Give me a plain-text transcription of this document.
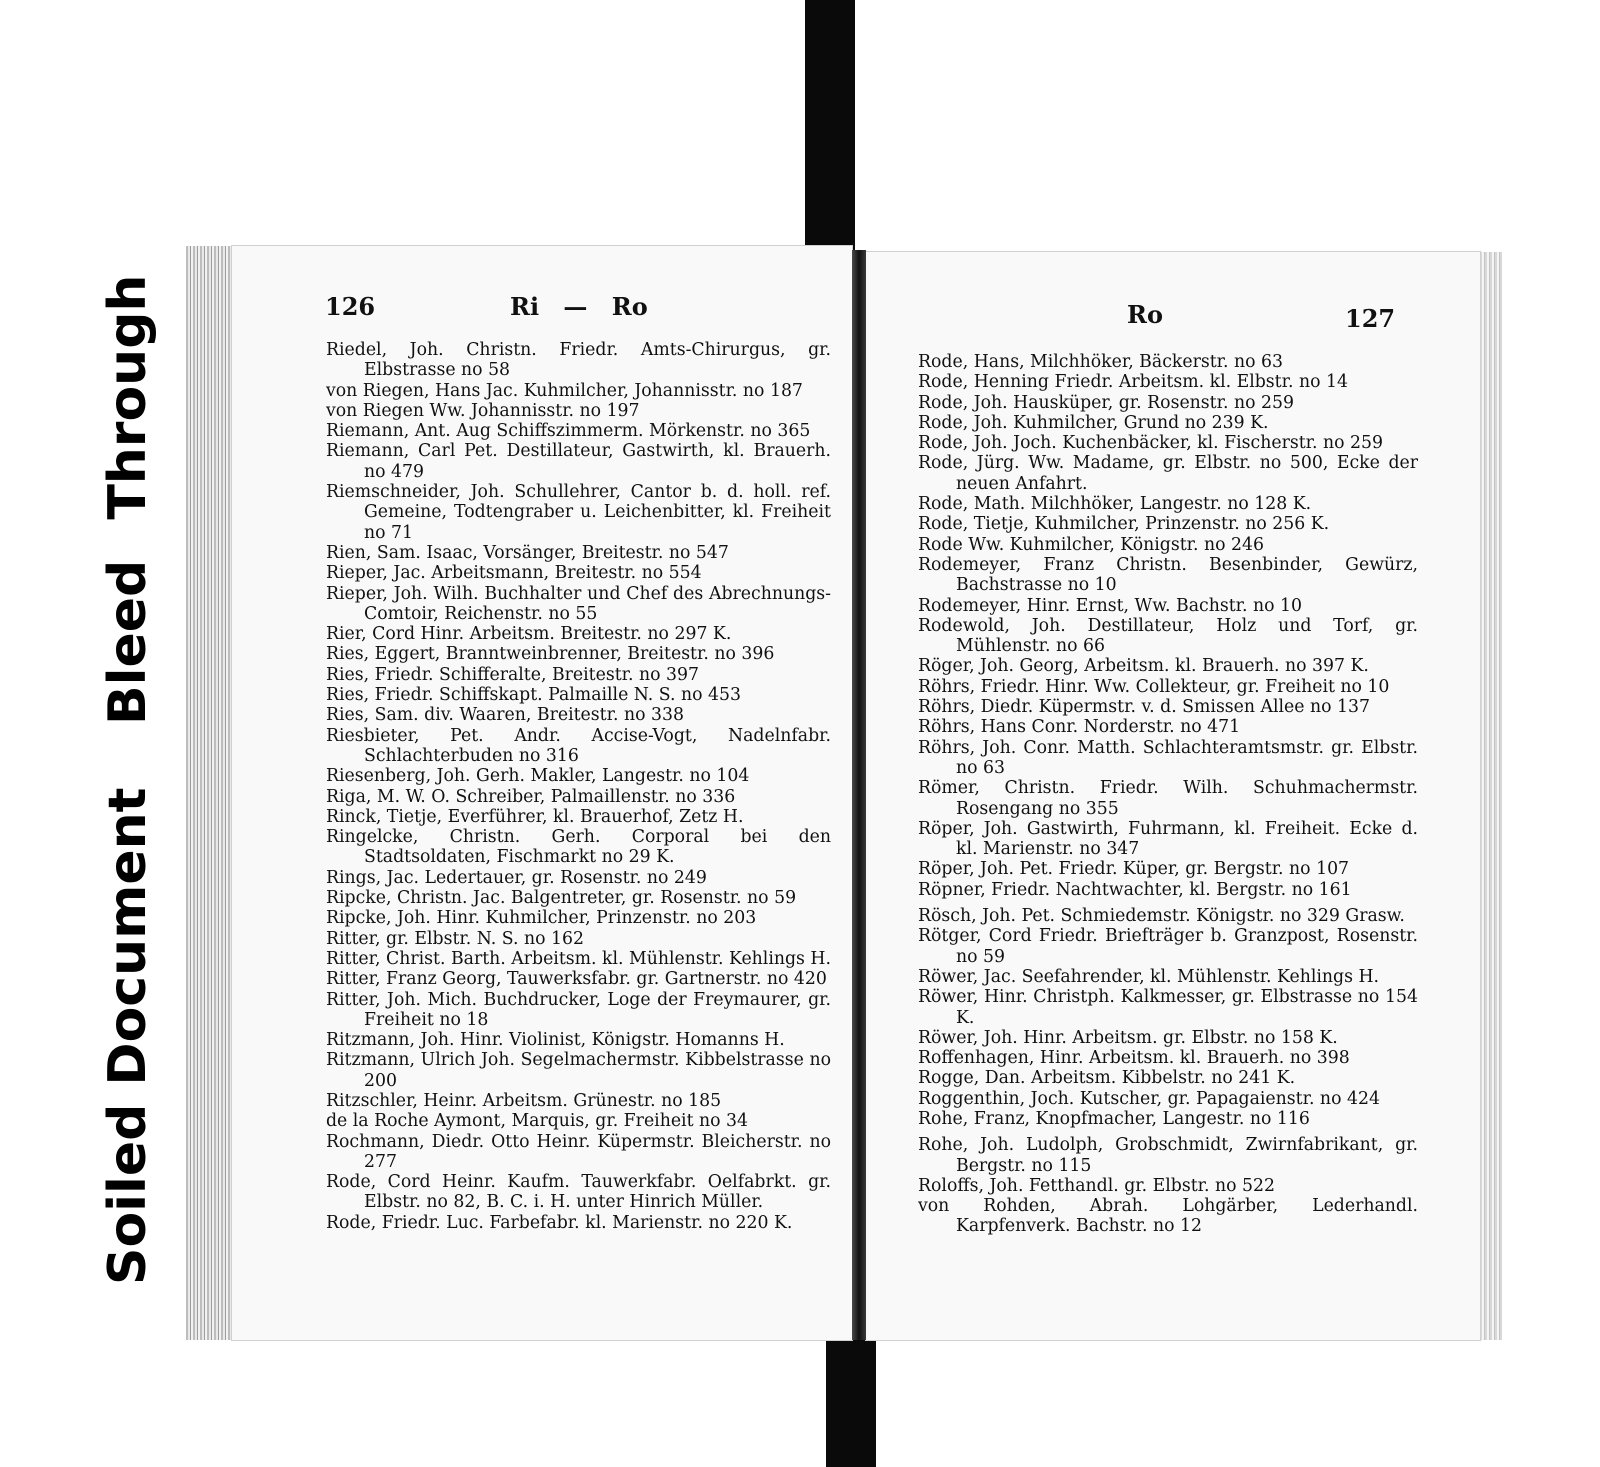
Bleed Through
Soiled Document
126	Ri — Ro	Ro	127

Riedel, Joh. Christn. Friedr. Amts-Chirurgus, gr. Elbstrasse no 58

von Riegen, Hans Jac. Kuhmilcher, Johannisstr. no 187

von Riegen Ww. Johannisstr. no 197

Riemann, Ant. Aug Schiffszimmerm. Mörkenstr. no 365

Riemann, Carl Pet. Destillateur, Gastwirth, kl. Brauerh. no 479

Riemschneider, Joh. Schullehrer, Cantor b. d. holl. ref. Gemeine, Todtengraber u. Leichenbitter, kl. Freiheit no 71

Rien, Sam. Isaac, Vorsänger, Breitestr. no 547

Rieper, Jac. Arbeitsmann, Breitestr. no 554

Rieper, Joh. Wilh. Buchhalter und Chef des Abrechnungs-Comtoir, Reichenstr. no 55

Rier, Cord Hinr. Arbeitsm. Breitestr. no 297 K.

Ries, Eggert, Branntweinbrenner, Breitestr. no 396

Ries, Friedr. Schifferalte, Breitestr. no 397

Ries, Friedr. Schiffskapt. Palmaille N. S. no 453

Ries, Sam. div. Waaren, Breitestr. no 338

Riesbieter, Pet. Andr. Accise-Vogt, Nadelnfabr. Schlachterbuden no 316

Riesenberg, Joh. Gerh. Makler, Langestr. no 104

Riga, M. W. O. Schreiber, Palmaillenstr. no 336

Rinck, Tietje, Everführer, kl. Brauerhof, Zetz H.

Ringelcke, Christn. Gerh. Corporal bei den Stadtsoldaten, Fischmarkt no 29 K.

Rings, Jac. Ledertauer, gr. Rosenstr. no 249

Ripcke, Christn. Jac. Balgentreter, gr. Rosenstr. no 59

Ripcke, Joh. Hinr. Kuhmilcher, Prinzenstr. no 203

Ritter, gr. Elbstr. N. S. no 162

Ritter, Christ. Barth. Arbeitsm. kl. Mühlenstr. Kehlings H.

Ritter, Franz Georg, Tauwerksfabr. gr. Gartnerstr. no 420

Ritter, Joh. Mich. Buchdrucker, Loge der Freymaurer, gr. Freiheit no 18

Ritzmann, Joh. Hinr. Violinist, Königstr. Homanns H.

Ritzmann, Ulrich Joh. Segelmachermstr. Kibbelstrasse no 200

Ritzschler, Heinr. Arbeitsm. Grünestr. no 185

de la Roche Aymont, Marquis, gr. Freiheit no 34

Rochmann, Diedr. Otto Heinr. Küpermstr. Bleicherstr. no 277

Rode, Cord Heinr. Kaufm. Tauwerkfabr. Oelfabrkt. gr. Elbstr. no 82, B. C. i. H. unter Hinrich Müller.

Rode, Friedr. Luc. Farbefabr. kl. Marienstr. no 220 K.

Rode, Hans, Milchhöker, Bäckerstr. no 63

Rode, Henning Friedr. Arbeitsm. kl. Elbstr. no 14

Rode, Joh. Hausküper, gr. Rosenstr. no 259

Rode, Joh. Kuhmilcher, Grund no 239 K.

Rode, Joh. Joch. Kuchenbäcker, kl. Fischerstr. no 259

Rode, Jürg. Ww. Madame, gr. Elbstr. no 500, Ecke der neuen Anfahrt.

Rode, Math. Milchhöker, Langestr. no 128 K.

Rode, Tietje, Kuhmilcher, Prinzenstr. no 256 K.

Rode Ww. Kuhmilcher, Königstr. no 246

Rodemeyer, Franz Christn. Besenbinder, Gewürz, Bachstrasse no 10

Rodemeyer, Hinr. Ernst, Ww. Bachstr. no 10

Rodewold, Joh. Destillateur, Holz und Torf, gr. Mühlenstr. no 66

Röger, Joh. Georg, Arbeitsm. kl. Brauerh. no 397 K.

Röhrs, Friedr. Hinr. Ww. Collekteur, gr. Freiheit no 10

Röhrs, Diedr. Küpermstr. v. d. Smissen Allee no 137

Röhrs, Hans Conr. Norderstr. no 471

Röhrs, Joh. Conr. Matth. Schlachteramtsmstr. gr. Elbstr. no 63

Römer, Christn. Friedr. Wilh. Schuhmachermstr. Rosengang no 355

Röper, Joh. Gastwirth, Fuhrmann, kl. Freiheit. Ecke d. kl. Marienstr. no 347

Röper, Joh. Pet. Friedr. Küper, gr. Bergstr. no 107

Röpner, Friedr. Nachtwachter, kl. Bergstr. no 161

Rösch, Joh. Pet. Schmiedemstr. Königstr. no 329 Grasw.

Rötger, Cord Friedr. Briefträger b. Granzpost, Rosenstr. no 59

Röwer, Jac. Seefahrender, kl. Mühlenstr. Kehlings H.

Röwer, Hinr. Christph. Kalkmesser, gr. Elbstrasse no 154 K.

Röwer, Joh. Hinr. Arbeitsm. gr. Elbstr. no 158 K.

Roffenhagen, Hinr. Arbeitsm. kl. Brauerh. no 398

Rogge, Dan. Arbeitsm. Kibbelstr. no 241 K.

Roggenthin, Joch. Kutscher, gr. Papagaienstr. no 424

Rohe, Franz, Knopfmacher, Langestr. no 116

Rohe, Joh. Ludolph, Grobschmidt, Zwirnfabrikant, gr. Bergstr. no 115

Roloffs, Joh. Fetthandl. gr. Elbstr. no 522

von Rohden, Abrah. Lohgärber, Lederhandl. Karpfenverk. Bachstr. no 12
